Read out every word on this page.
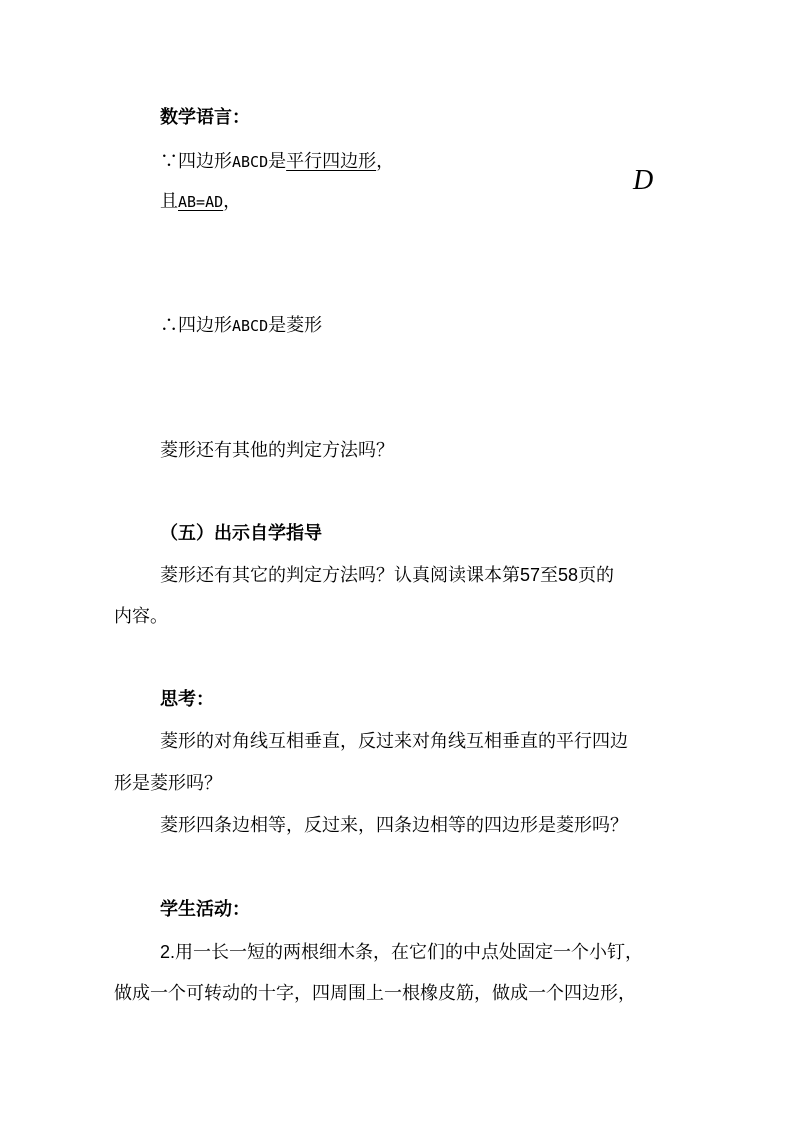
数学语言：
∵四边形ABCD是平行四边形，
且AB=AD，
D
∴四边形ABCD是菱形
菱形还有其他的判定方法吗？
（五）出示自学指导
菱形还有其它的判定方法吗？认真阅读课本第57至58页的
内容。
思考：
菱形的对角线互相垂直，反过来对角线互相垂直的平行四边
形是菱形吗？
菱形四条边相等，反过来，四条边相等的四边形是菱形吗？
学生活动：
2.用一长一短的两根细木条，在它们的中点处固定一个小钉，
做成一个可转动的十字，四周围上一根橡皮筋，做成一个四边形，
